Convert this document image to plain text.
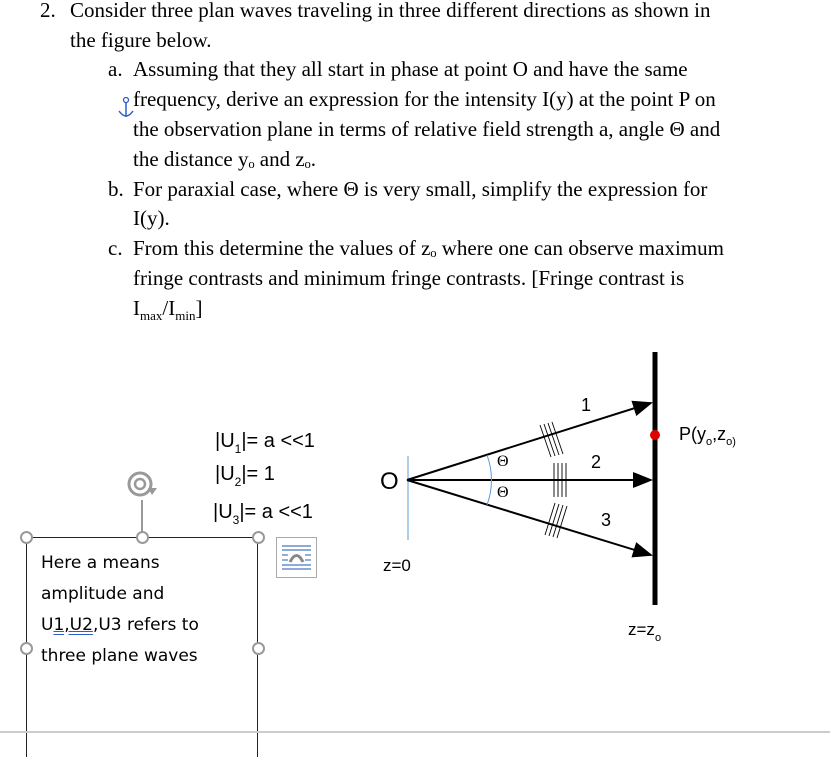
2. Consider three plan waves traveling in three different directions as shown in
the figure below.
a. Assuming that they all start in phase at point O and have the same
frequency, derive an expression for the intensity I(y) at the point P on
the observation plane in terms of relative field strength a, angle Θ and
the distance yₒ and zₒ.
b. For paraxial case, where Θ is very small, simplify the expression for
I(y).
c. From this determine the values of zₒ where one can observe maximum
fringe contrasts and minimum fringe contrasts. [Fringe contrast is
$I_{max}/I_{min}$]
$|U_1|= a <<1$
$|U_2|= 1$
$|U_3|= a <<1$
O
Θ
Θ
1
2
3
$P(y_o,z_{o)}$
z=0
$z=z_o$
Here a means
amplitude and
U1,U2,U3 refers to
three plane waves
